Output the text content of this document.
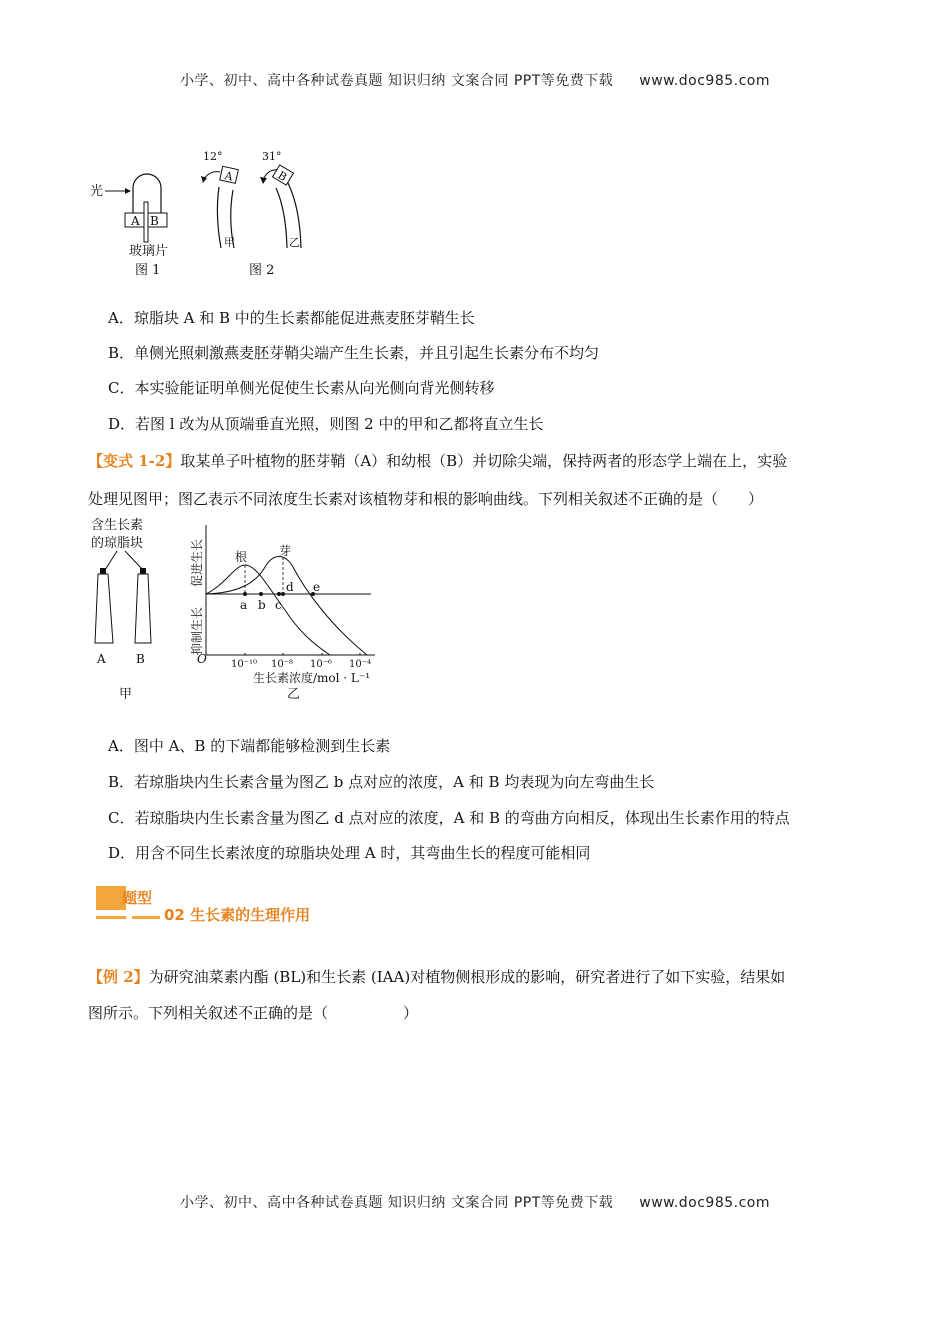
小学、初中、高中各种试卷真题 知识归纳 文案合同 PPT等免费下载 www.doc985.com
光
A B
玻璃片
图 1
12°
A
甲
31°
B
乙
图 2
A．琼脂块 A 和 B 中的生长素都能促进燕麦胚芽鞘生长
B．单侧光照刺激燕麦胚芽鞘尖端产生生长素，并且引起生长素分布不均匀
C．本实验能证明单侧光促使生长素从向光侧向背光侧转移
D．若图 l 改为从顶端垂直光照，则图 2 中的甲和乙都将直立生长
【变式 1-2】取某单子叶植物的胚芽鞘（A）和幼根（B）并切除尖端，保持两者的形态学上端在上，实验
处理见图甲；图乙表示不同浓度生长素对该植物芽和根的影响曲线。下列相关叙述不正确的是（　　）
含生长素
的琼脂块
A	B
甲
O
促进生长
抑制生长
根	芽
a b c
d e
10⁻¹⁰ 10⁻⁸ 10⁻⁶ 10⁻⁴
生长素浓度/mol · L⁻¹
乙
A．图中 A、B 的下端都能够检测到生长素
B．若琼脂块内生长素含量为图乙 b 点对应的浓度，A 和 B 均表现为向左弯曲生长
C．若琼脂块内生长素含量为图乙 d 点对应的浓度，A 和 B 的弯曲方向相反，体现出生长素作用的特点
D．用含不同生长素浓度的琼脂块处理 A 时，其弯曲生长的程度可能相同
题型
02 生长素的生理作用
【例 2】为研究油菜素内酯 (BL)和生长素 (IAA)对植物侧根形成的影响，研究者进行了如下实验，结果如
图所示。下列相关叙述不正确的是（　　　　　）
小学、初中、高中各种试卷真题 知识归纳 文案合同 PPT等免费下载 www.doc985.com
